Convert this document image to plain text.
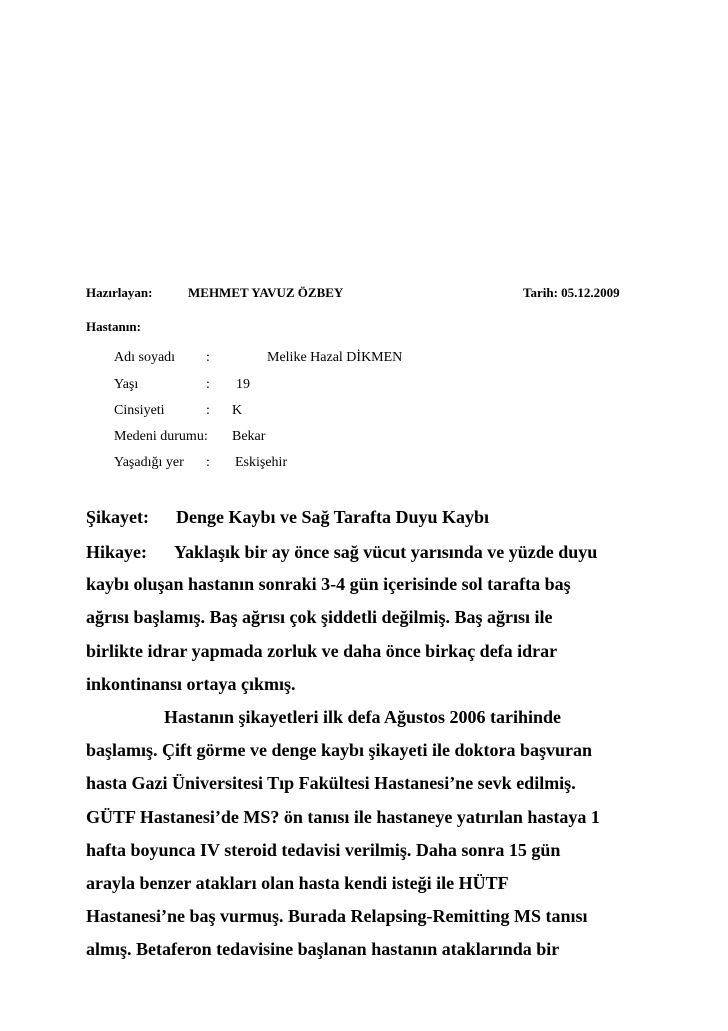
Hazırlayan:	MEHMET YAVUZ ÖZBEY	Tarih: 05.12.2009
Hastanın:
Adı soyadı :	Melike Hazal DİKMEN
Yaşı	: 19
Cinsiyeti	: K
Medeni durumu: Bekar
Yaşadığı yer : Eskişehir
Şikayet: Denge Kaybı ve Sağ Tarafta Duyu Kaybı
Hikaye: Yaklaşık bir ay önce sağ vücut yarısında ve yüzde duyu
kaybı oluşan hastanın sonraki 3-4 gün içerisinde sol tarafta baş
ağrısı başlamış. Baş ağrısı çok şiddetli değilmiş. Baş ağrısı ile
birlikte idrar yapmada zorluk ve daha önce birkaç defa idrar
inkontinansı ortaya çıkmış.
Hastanın şikayetleri ilk defa Ağustos 2006 tarihinde
başlamış. Çift görme ve denge kaybı şikayeti ile doktora başvuran
hasta Gazi Üniversitesi Tıp Fakültesi Hastanesi’ne sevk edilmiş.
GÜTF Hastanesi’de MS? ön tanısı ile hastaneye yatırılan hastaya 1
hafta boyunca IV steroid tedavisi verilmiş. Daha sonra 15 gün
arayla benzer atakları olan hasta kendi isteği ile HÜTF
Hastanesi’ne baş vurmuş. Burada Relapsing-Remitting MS tanısı
almış. Betaferon tedavisine başlanan hastanın ataklarında bir
